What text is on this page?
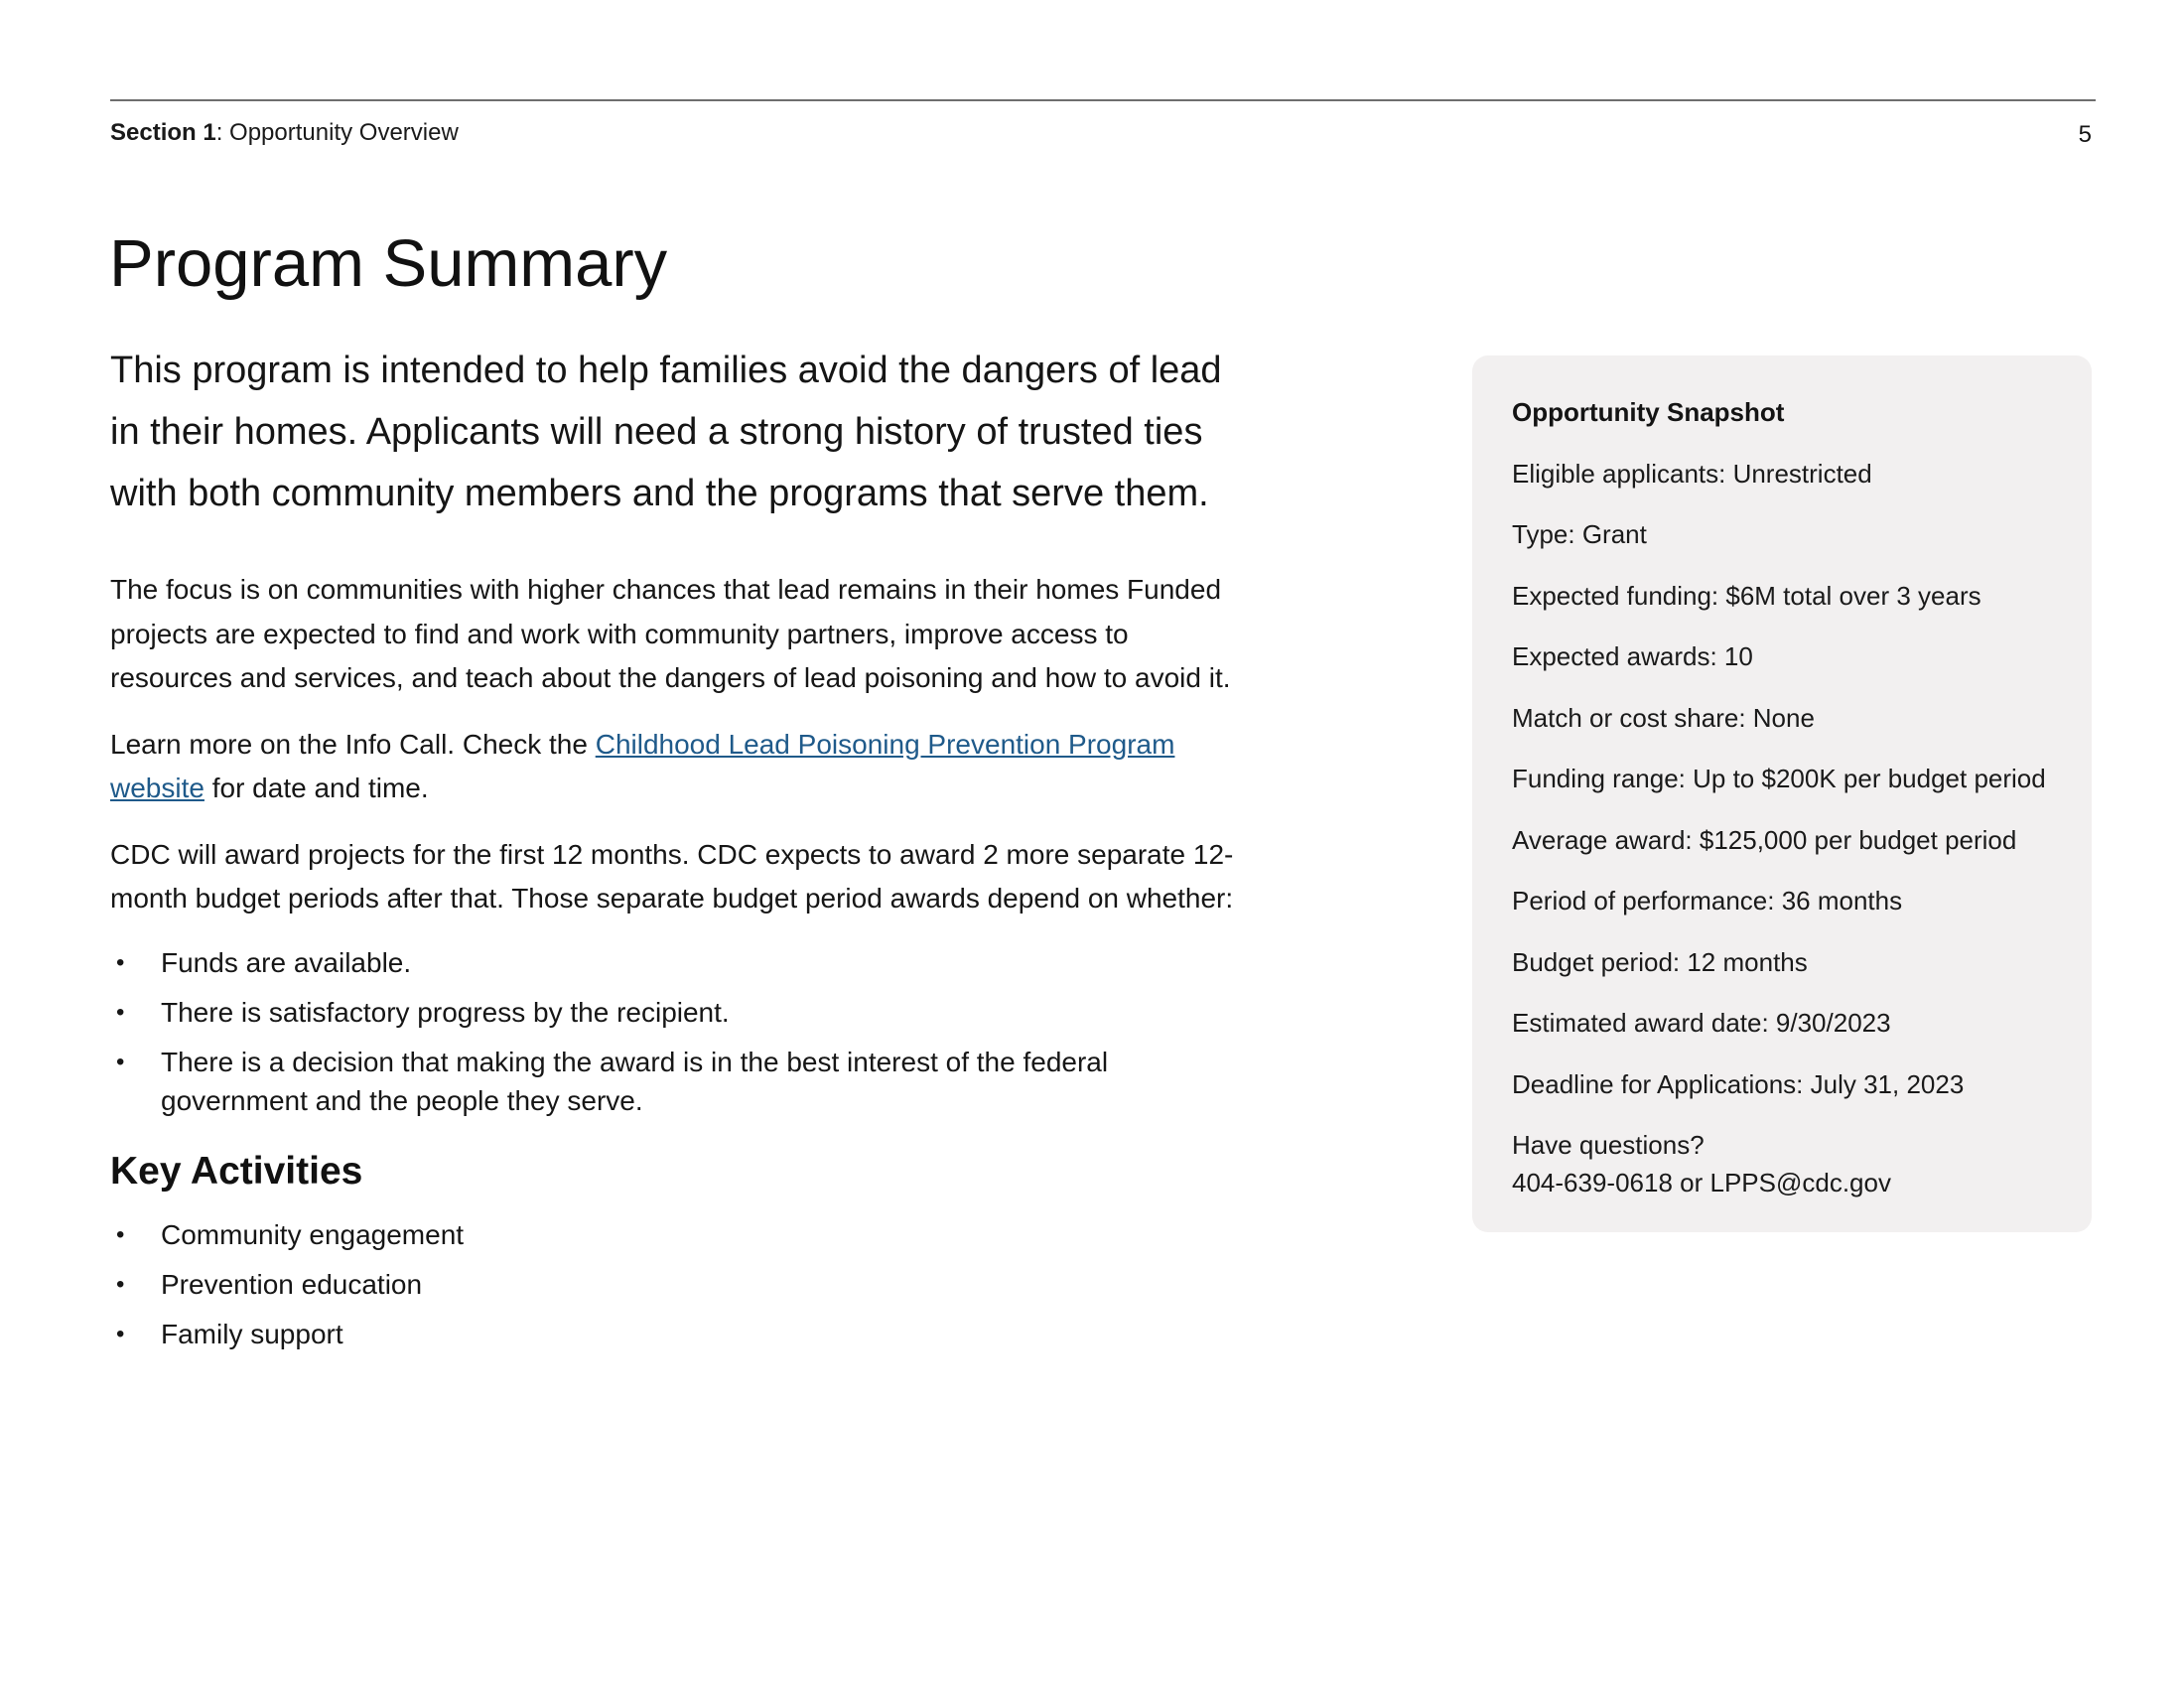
Section 1: Opportunity Overview	5
Program Summary

This program is intended to help families avoid the dangers of lead in their homes. Applicants will need a strong history of trusted ties with both community members and the programs that serve them.

The focus is on communities with higher chances that lead remains in their homes Funded projects are expected to find and work with community partners, improve access to resources and services, and teach about the dangers of lead poisoning and how to avoid it.

Learn more on the Info Call. Check the Childhood Lead Poisoning Prevention Program website for date and time.

CDC will award projects for the first 12 months. CDC expects to award 2 more separate 12-month budget periods after that. Those separate budget period awards depend on whether:

• Funds are available.
• There is satisfactory progress by the recipient.
• There is a decision that making the award is in the best interest of the federal government and the people they serve.
Key Activities
• Community engagement
• Prevention education
• Family support
Opportunity Snapshot
Eligible applicants: Unrestricted
Type: Grant
Expected funding: $6M total over 3 years
Expected awards: 10
Match or cost share: None
Funding range: Up to $200K per budget period
Average award: $125,000 per budget period
Period of performance: 36 months
Budget period: 12 months
Estimated award date: 9/30/2023
Deadline for Applications: July 31, 2023
Have questions?
404-639-0618 or LPPS@cdc.gov
